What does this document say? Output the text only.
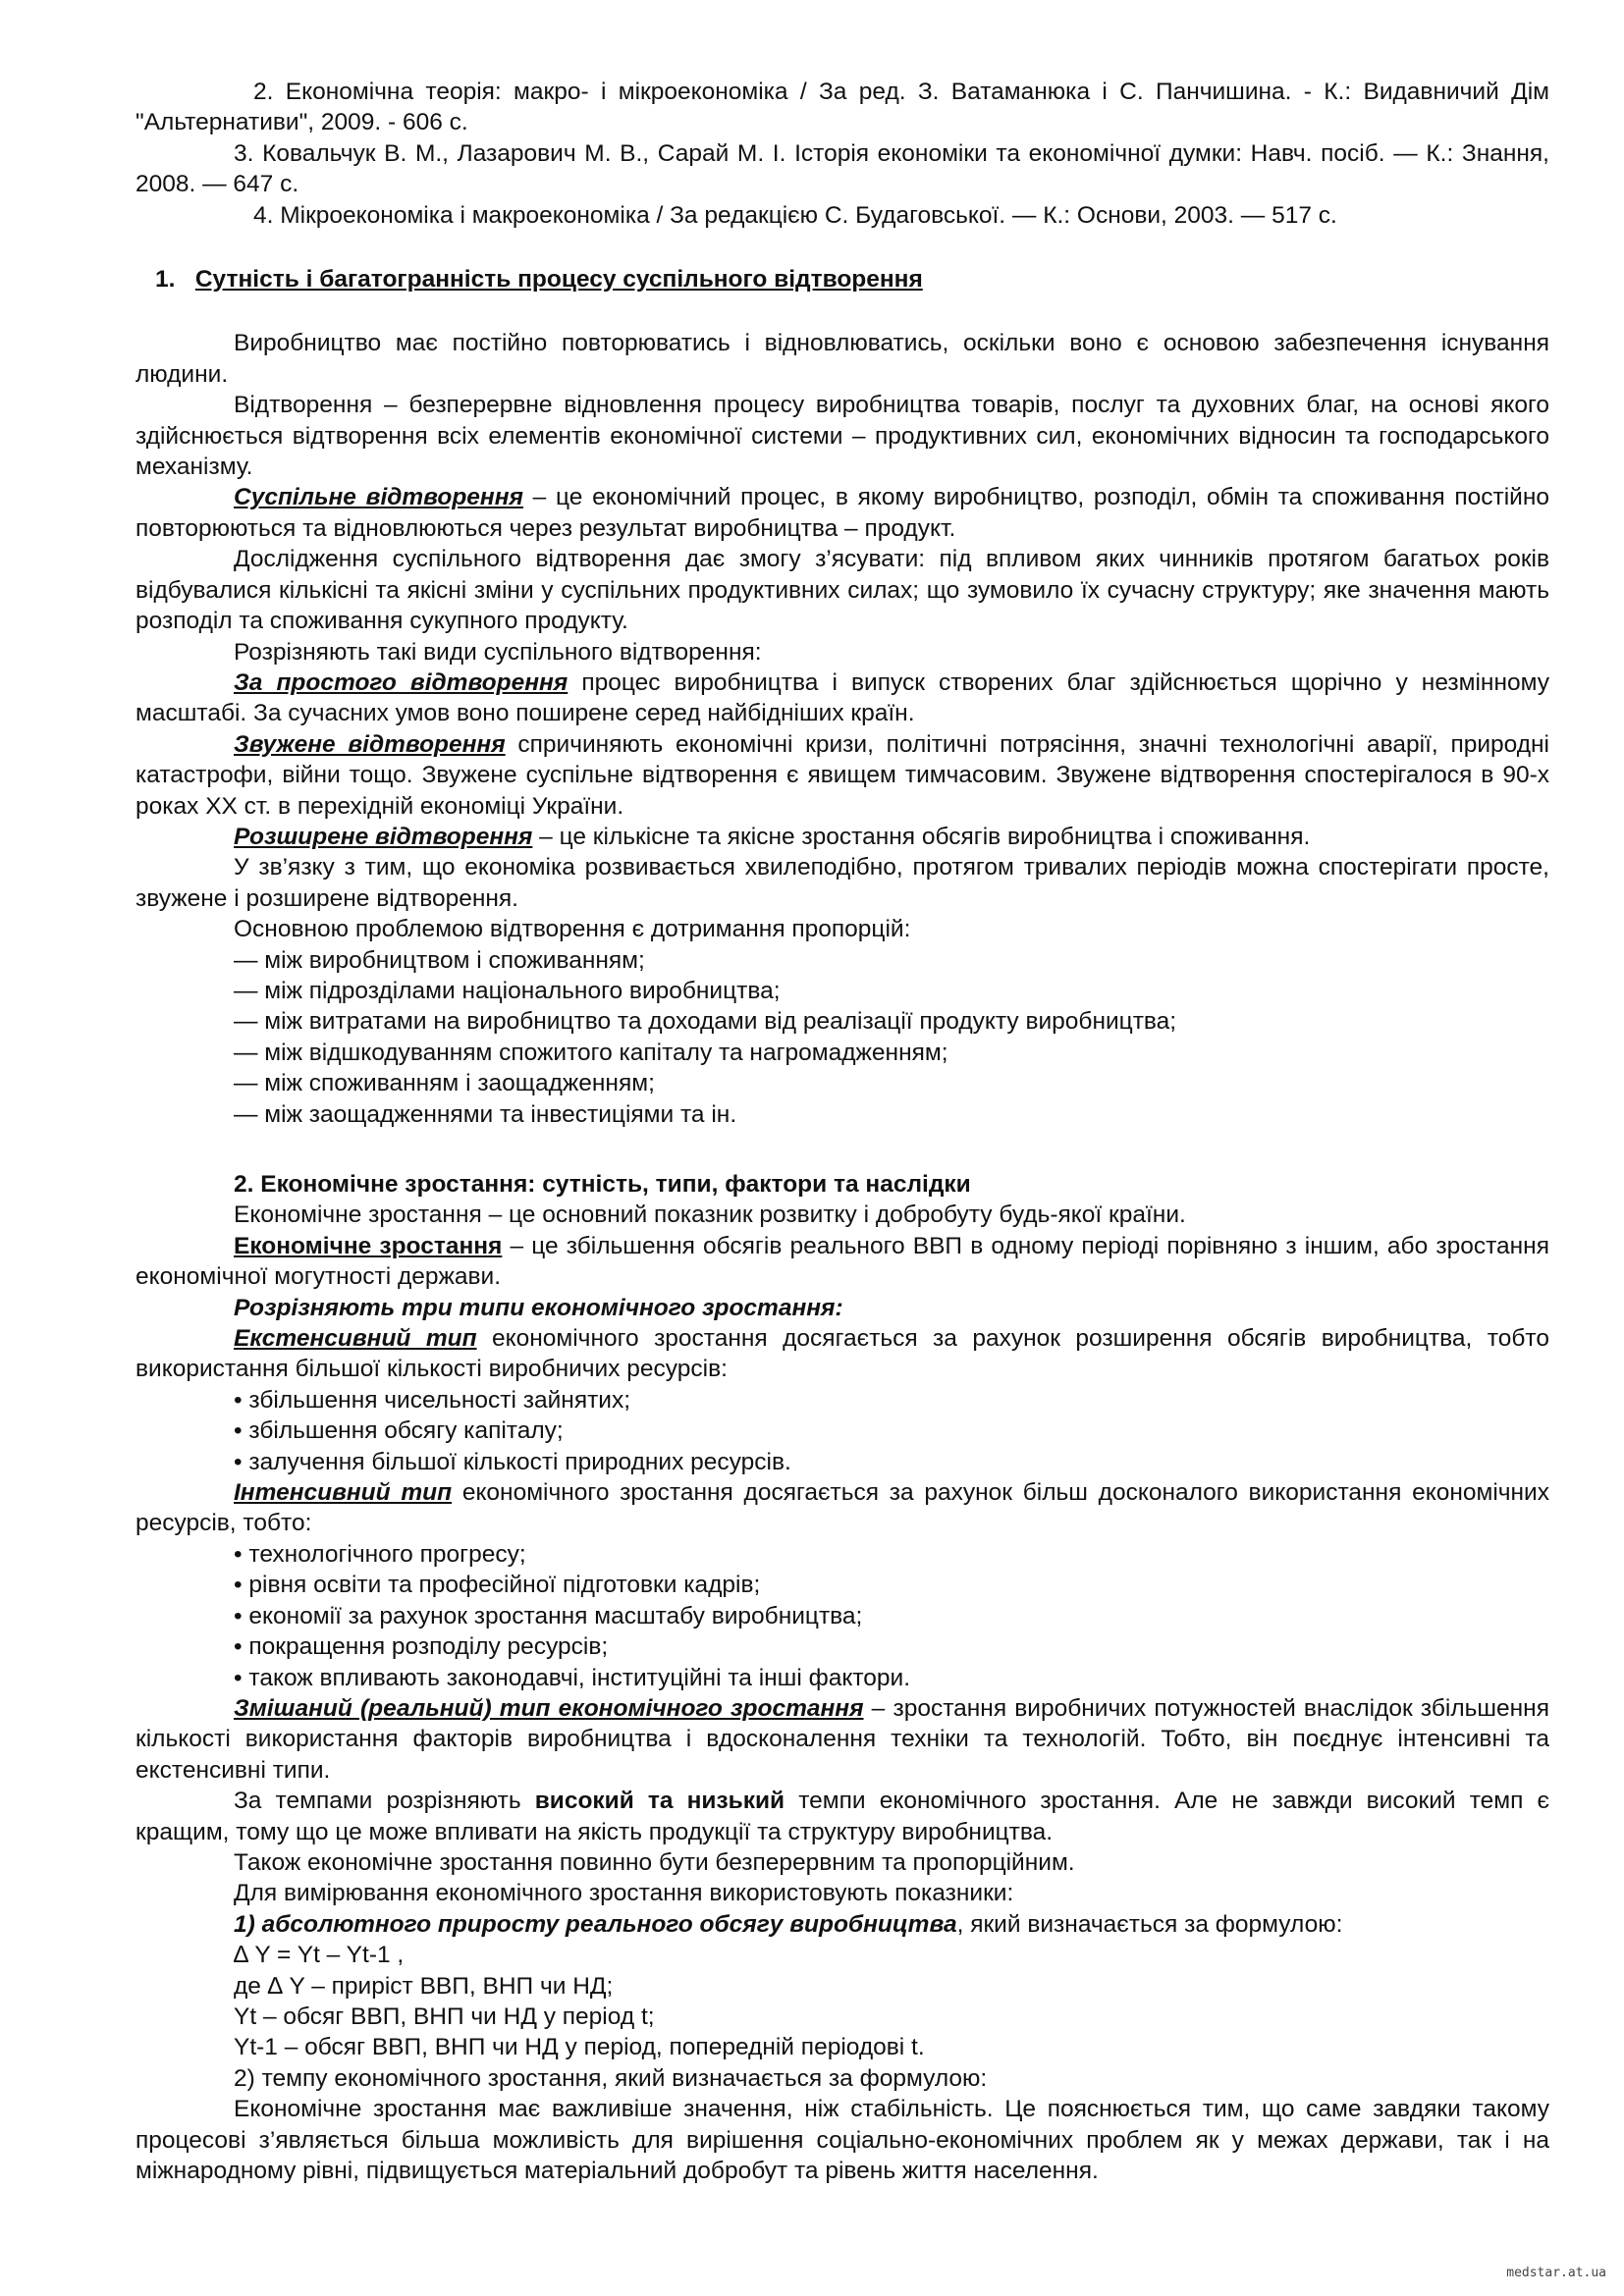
2. Економічна теорія: макро- і мікроекономіка / За ред. З. Ватаманюка і С. Панчишина. - К.: Видавничий Дім "Альтернативи", 2009. - 606 с.

3. Ковальчук В. М., Лазарович М. В., Сарай М. І. Історія економіки та економічної думки: Навч. посіб. — К.: Знання, 2008. — 647 с.

4. Мікроекономіка і макроекономіка / За редакцією С. Будаговської. — К.: Основи, 2003. — 517 с.

1. Сутність і багатогранність процесу суспільного відтворення

Виробництво має постійно повторюватись і відновлюватись, оскільки воно є основою забезпечення існування людини.

Відтворення – безперервне відновлення процесу виробництва товарів, послуг та духовних благ, на основі якого здійснюється відтворення всіх елементів економічної системи – продуктивних сил, економічних відносин та господарського механізму.

Суспільне відтворення – це економічний процес, в якому виробництво, розподіл, обмін та споживання постійно повторюються та відновлюються через результат виробництва – продукт.

Дослідження суспільного відтворення дає змогу з’ясувати: під впливом яких чинників протягом багатьох років відбувалися кількісні та якісні зміни у суспільних продуктивних силах; що зумовило їх сучасну структуру; яке значення мають розподіл та споживання сукупного продукту.

Розрізняють такі види суспільного відтворення:

За простого відтворення процес виробництва і випуск створених благ здійснюється щорічно у незмінному масштабі. За сучасних умов воно поширене серед найбідніших країн.

Звужене відтворення спричиняють економічні кризи, політичні потрясіння, значні технологічні аварії, природні катастрофи, війни тощо. Звужене суспільне відтворення є явищем тимчасовим. Звужене відтворення спостерігалося в 90-х роках XX ст. в перехідній економіці України.

Розширене відтворення – це кількісне та якісне зростання обсягів виробництва і споживання.

У зв’язку з тим, що економіка розвивається хвилеподібно, протягом тривалих періодів можна спостерігати просте, звужене і розширене відтворення.

Основною проблемою відтворення є дотримання пропорцій:

— між виробництвом і споживанням;

— між підрозділами національного виробництва;

— між витратами на виробництво та доходами від реалізації продукту виробництва;

— між відшкодуванням спожитого капіталу та нагромадженням;

— між споживанням і заощадженням;

— між заощадженнями та інвестиціями та ін.

2. Економічне зростання: сутність, типи, фактори та наслідки

Економічне зростання – це основний показник розвитку і добробуту будь-якої країни.

Економічне зростання – це збільшення обсягів реального ВВП в одному періоді порівняно з іншим, або зростання економічної могутності держави.

Розрізняють три типи економічного зростання:

Екстенсивний тип економічного зростання досягається за рахунок розширення обсягів виробництва, тобто використання більшої кількості виробничих ресурсів:

• збільшення чисельності зайнятих;

• збільшення обсягу капіталу;

• залучення більшої кількості природних ресурсів.

Інтенсивний тип економічного зростання досягається за рахунок більш досконалого використання економічних ресурсів, тобто:

• технологічного прогресу;

• рівня освіти та професійної підготовки кадрів;

• економії за рахунок зростання масштабу виробництва;

• покращення розподілу ресурсів;

• також впливають законодавчі, інституційні та інші фактори.

Змішаний (реальний) тип економічного зростання – зростання виробничих потужностей внаслідок збільшення кількості використання факторів виробництва і вдосконалення техніки та технологій. Тобто, він поєднує інтенсивні та екстенсивні типи.

За темпами розрізняють високий та низький темпи економічного зростання. Але не завжди високий темп є кращим, тому що це може впливати на якість продукції та структуру виробництва.

Також економічне зростання повинно бути безперервним та пропорційним.

Для вимірювання економічного зростання використовують показники:

1) абсолютного приросту реального обсягу виробництва, який визначається за формулою:

∆ Y = Yt – Yt-1 ,

де ∆ Y – приріст ВВП, ВНП чи НД;

Yt – обсяг ВВП, ВНП чи НД у період t;

Yt-1 – обсяг ВВП, ВНП чи НД у період, попередній періодові t.

2) темпу економічного зростання, який визначається за формулою:

Економічне зростання має важливіше значення, ніж стабільність. Це пояснюється тим, що саме завдяки такому процесові з’являється більша можливість для вирішення соціально-економічних проблем як у межах держави, так і на міжнародному рівні, підвищується матеріальний добробут та рівень життя населення.

medstar.at.ua
